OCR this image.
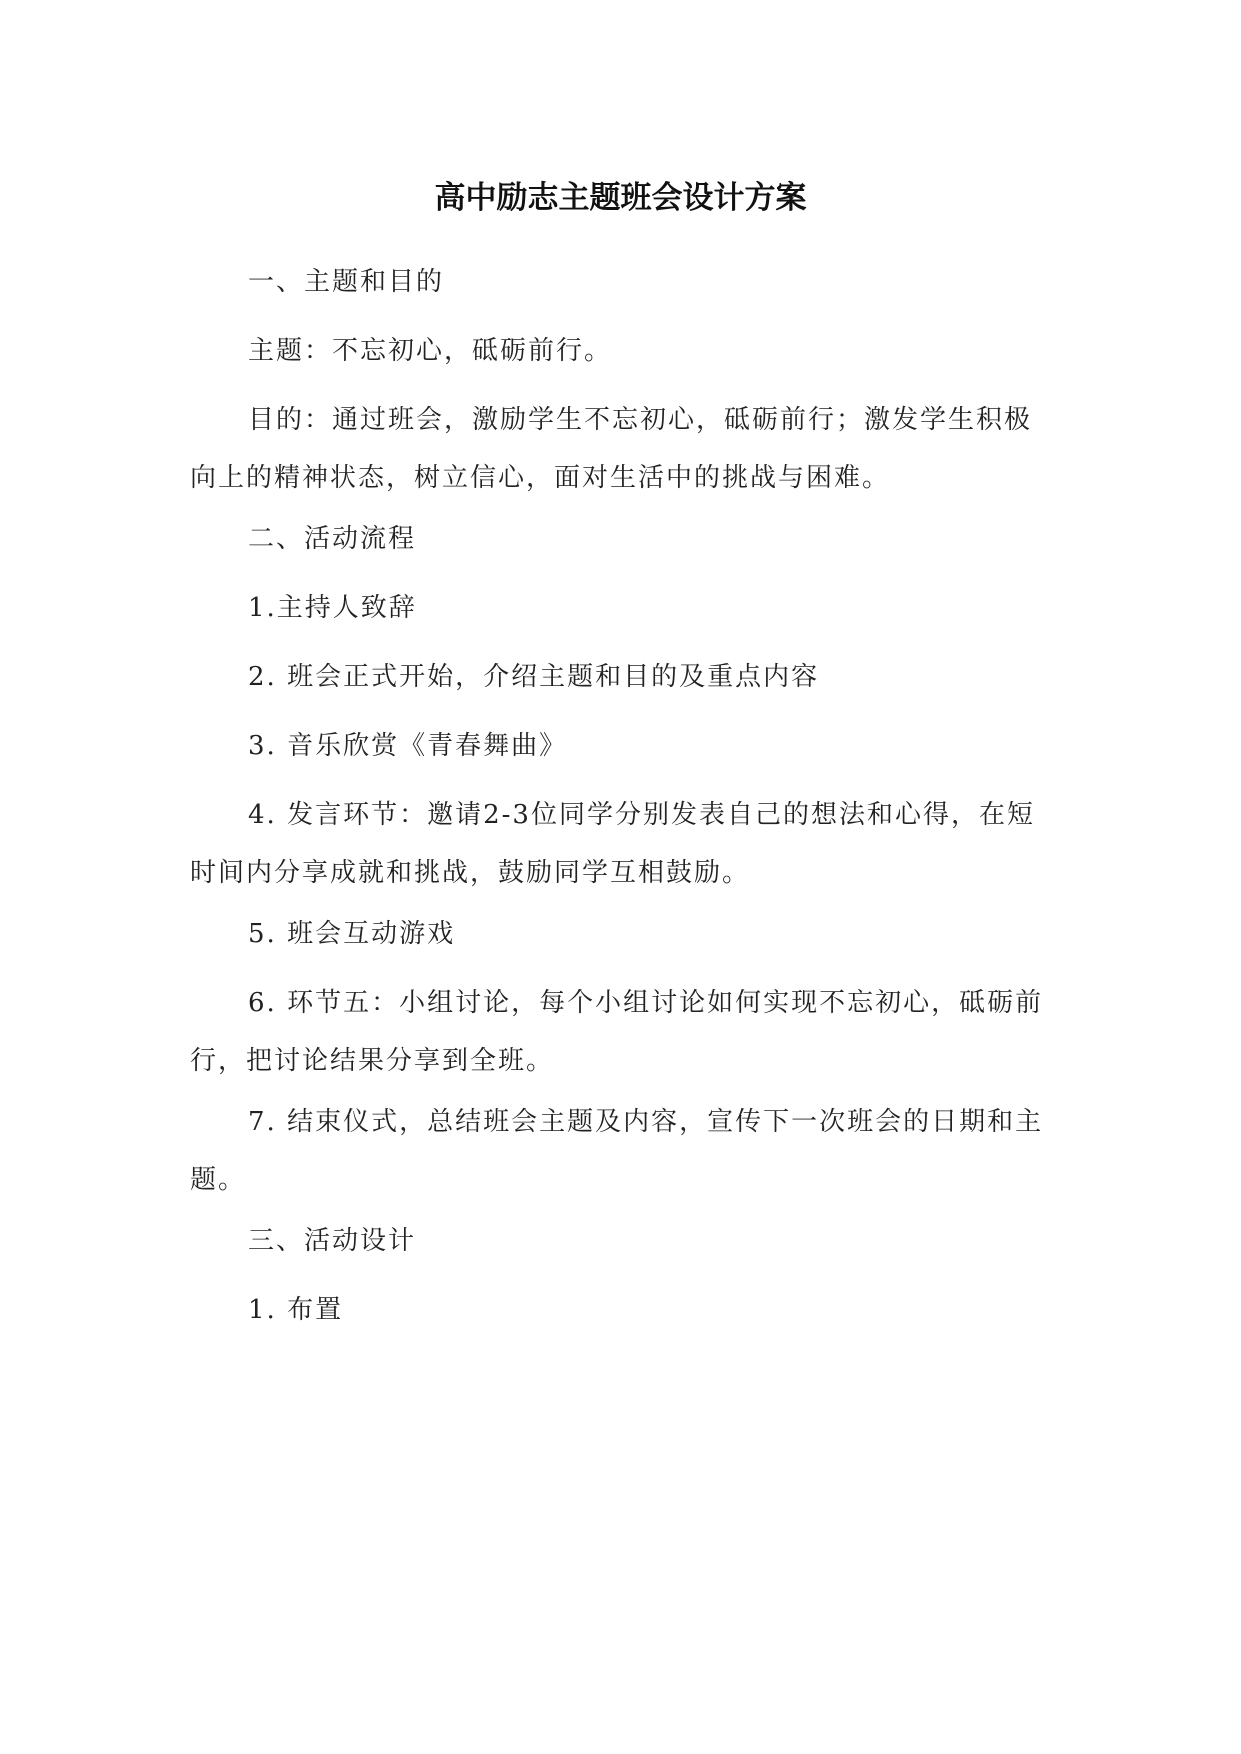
高中励志主题班会设计方案

一、主题和目的

主题：不忘初心，砥砺前行。

目的：通过班会，激励学生不忘初心，砥砺前行；激发学生积极向上的精神状态，树立信心，面对生活中的挑战与困难。

二、活动流程

1.主持人致辞

2. 班会正式开始，介绍主题和目的及重点内容

3. 音乐欣赏《青春舞曲》

4. 发言环节：邀请2-3位同学分别发表自己的想法和心得，在短时间内分享成就和挑战，鼓励同学互相鼓励。

5. 班会互动游戏

6. 环节五：小组讨论，每个小组讨论如何实现不忘初心，砥砺前行，把讨论结果分享到全班。

7. 结束仪式，总结班会主题及内容，宣传下一次班会的日期和主题。

三、活动设计

1. 布置
